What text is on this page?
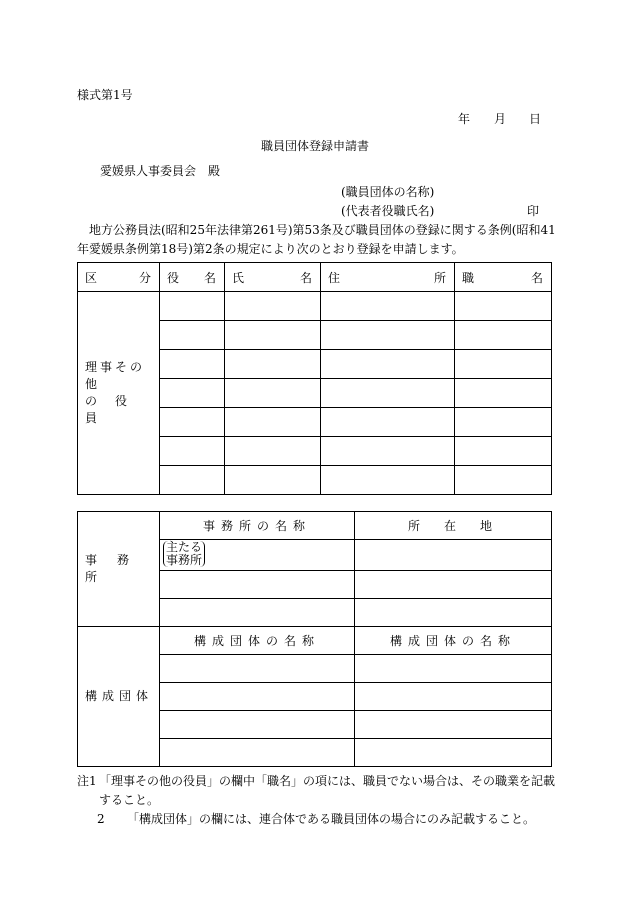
様式第1号
年 月 日
職員団体登録申請書
愛媛県人事委員会　殿
(職員団体の名称)
(代表者役職氏名)	印
地方公務員法(昭和25年法律第261号)第53条及び職員団体の登録に関する条例(昭和41年愛媛県条例第18号)第2条の規定により次のとおり登録を申請します。
区 分	役 名	氏 名	住 所	職 名

理事その他
の　役　員				

事　務　所	事務所の名称	所　在　地

	主たる
事務所	

構成団体	構成団体の名称	構成団体の名称

注1 「理事その他の役員」の欄中「職名」の項には、職員でない場合は、その職業を記載すること。
2	「構成団体」の欄には、連合体である職員団体の場合にのみ記載すること。
